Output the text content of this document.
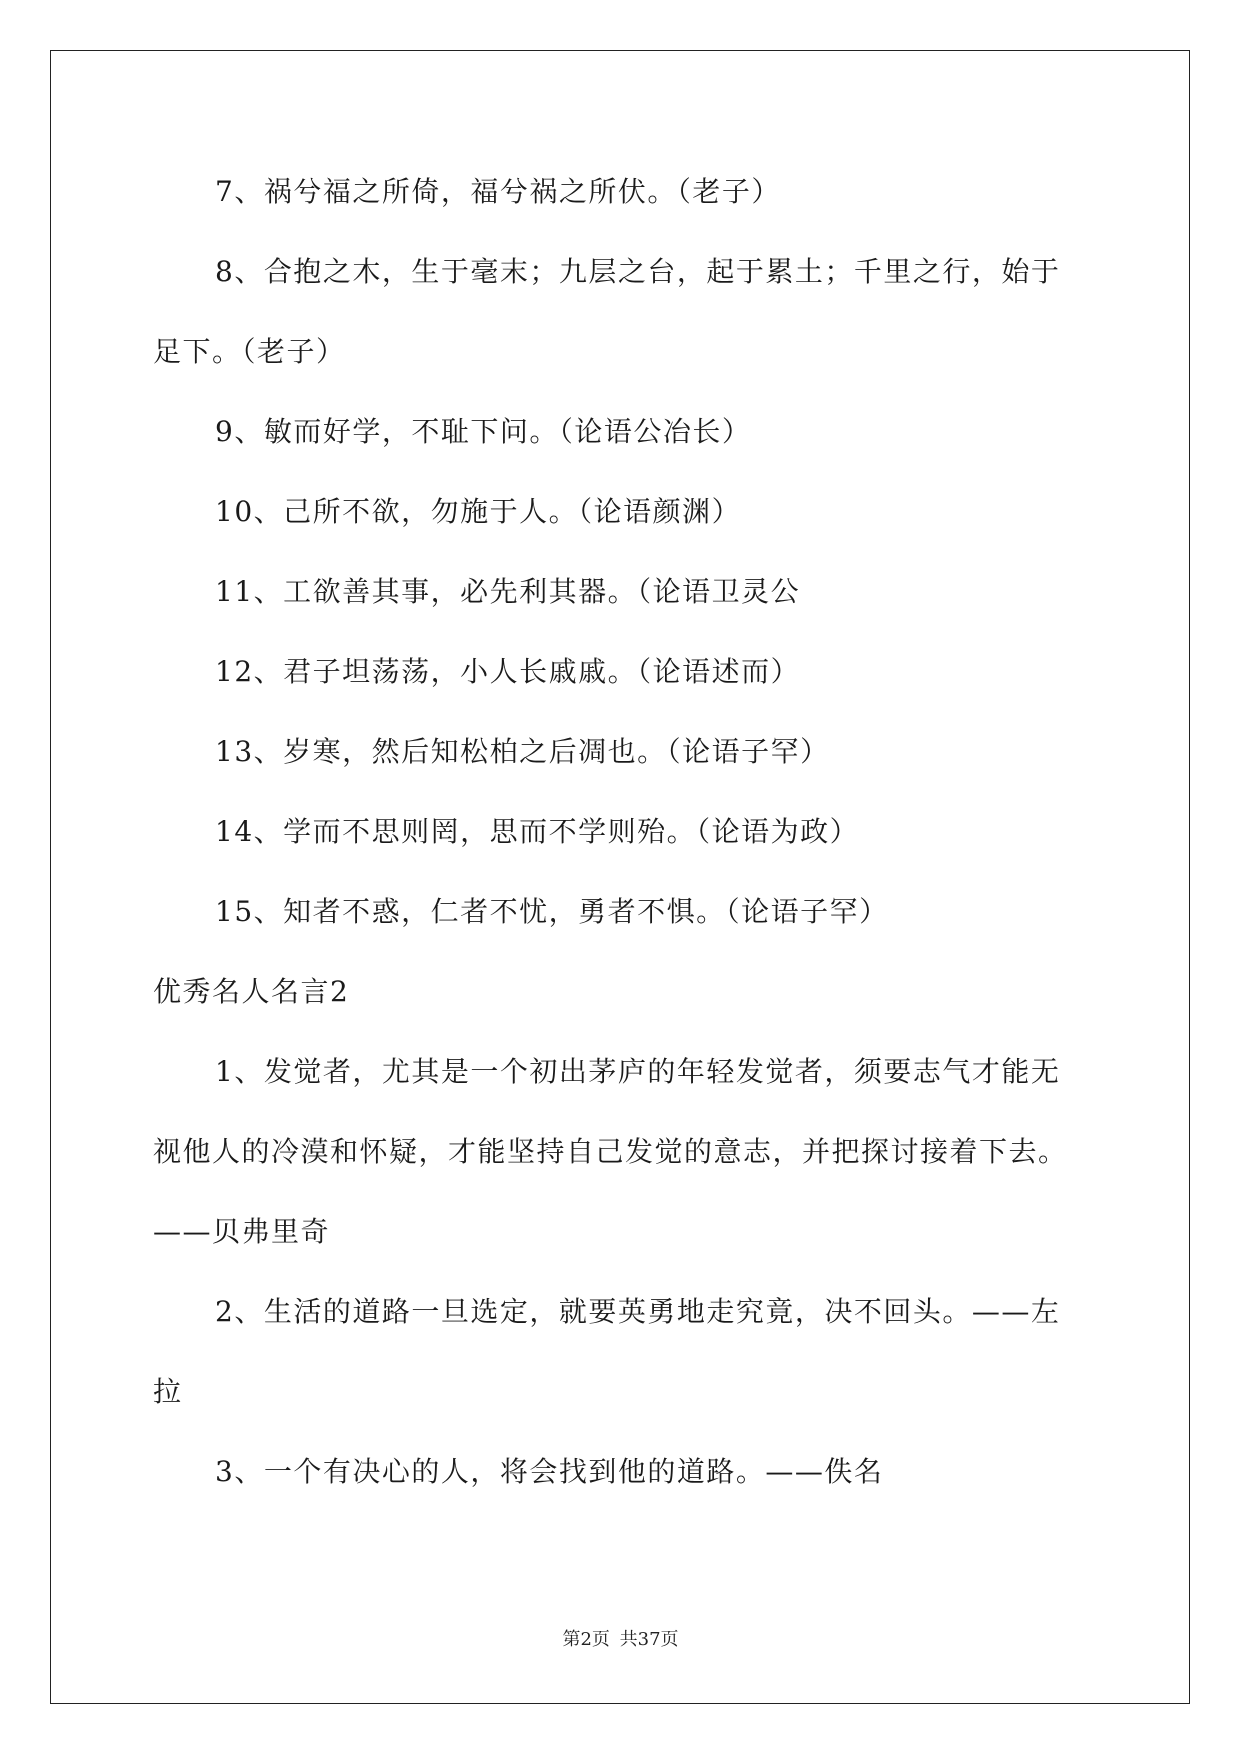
7、祸兮福之所倚，福兮祸之所伏。（老子）
8、合抱之木，生于毫末；九层之台，起于累土；千里之行，始于
足下。（老子）
9、敏而好学，不耻下问。（论语公冶长）
10、己所不欲，勿施于人。（论语颜渊）
11、工欲善其事，必先利其器。（论语卫灵公
12、君子坦荡荡，小人长戚戚。（论语述而）
13、岁寒，然后知松柏之后凋也。（论语子罕）
14、学而不思则罔，思而不学则殆。（论语为政）
15、知者不惑，仁者不忧，勇者不惧。（论语子罕）
优秀名人名言2
1、发觉者，尤其是一个初出茅庐的年轻发觉者，须要志气才能无
视他人的冷漠和怀疑，才能坚持自己发觉的意志，并把探讨接着下去。
——贝弗里奇
2、生活的道路一旦选定，就要英勇地走究竟，决不回头。——左
拉
3、一个有决心的人，将会找到他的道路。——佚名
第2页 共37页
